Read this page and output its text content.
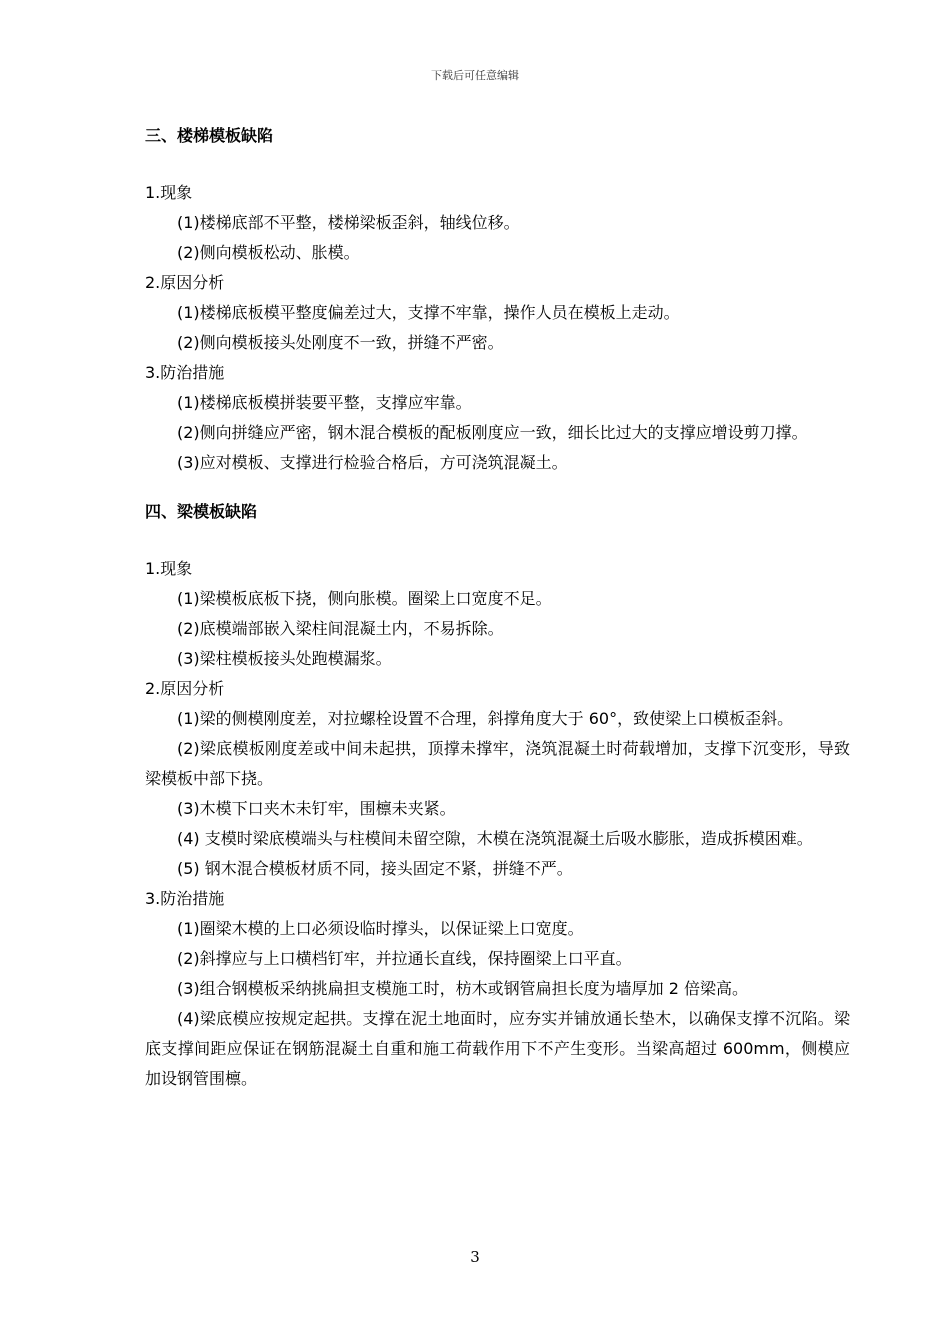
下载后可任意编辑
三、楼梯模板缺陷
1.现象
(1)楼梯底部不平整，楼梯梁板歪斜，轴线位移。
(2)侧向模板松动、胀模。
2.原因分析
(1)楼梯底板模平整度偏差过大，支撑不牢靠，操作人员在模板上走动。
(2)侧向模板接头处刚度不一致，拼缝不严密。
3.防治措施
(1)楼梯底板模拼装要平整，支撑应牢靠。
(2)侧向拼缝应严密，钢木混合模板的配板刚度应一致，细长比过大的支撑应增设剪刀撑。
(3)应对模板、支撑进行检验合格后，方可浇筑混凝土。
四、梁模板缺陷
1.现象
(1)梁模板底板下挠，侧向胀模。圈梁上口宽度不足。
(2)底模端部嵌入梁柱间混凝土内，不易拆除。
(3)梁柱模板接头处跑模漏浆。
2.原因分析
(1)梁的侧模刚度差，对拉螺栓设置不合理，斜撑角度大于 60°，致使梁上口模板歪斜。
(2)梁底模板刚度差或中间未起拱，顶撑未撑牢，浇筑混凝土时荷载增加，支撑下沉变形，导致梁模板中部下挠。
(3)木模下口夹木未钉牢，围檩未夹紧。
(4) 支模时梁底模端头与柱模间未留空隙，木模在浇筑混凝土后吸水膨胀，造成拆模困难。
(5) 钢木混合模板材质不同，接头固定不紧，拼缝不严。
3.防治措施
(1)圈梁木模的上口必须设临时撑头，以保证梁上口宽度。
(2)斜撑应与上口横档钉牢，并拉通长直线，保持圈梁上口平直。
(3)组合钢模板采纳挑扁担支模施工时，枋木或钢管扁担长度为墙厚加 2 倍梁高。
(4)梁底模应按规定起拱。支撑在泥土地面时，应夯实并铺放通长垫木，以确保支撑不沉陷。梁底支撑间距应保证在钢筋混凝土自重和施工荷载作用下不产生变形。当梁高超过 600mm，侧模应加设钢管围檩。
3
